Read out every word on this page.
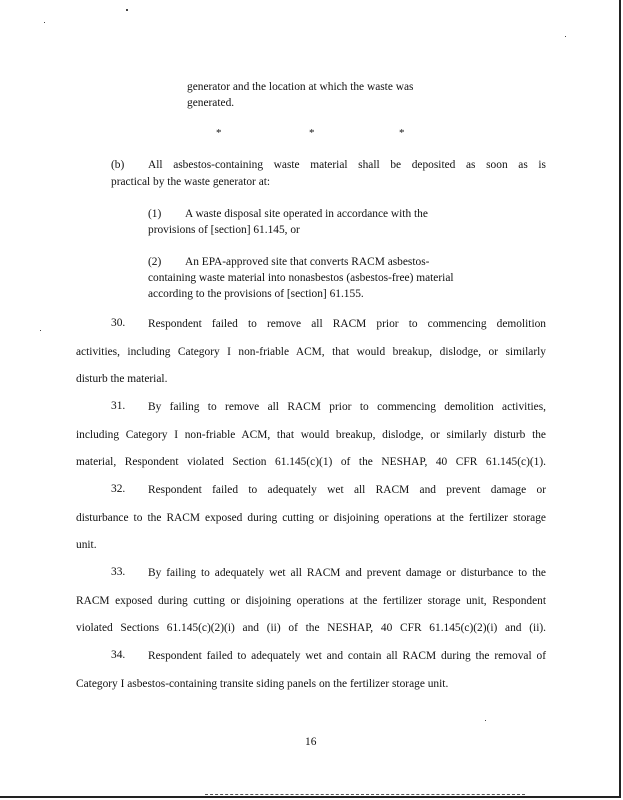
generator and the location at which the waste was
generated.
*	*	*
(b) All asbestos-containing waste material shall be deposited as soon as is
practical by the waste generator at:
(1) A waste disposal site operated in accordance with the
provisions of [section] 61.145, or
(2) An EPA-approved site that converts RACM asbestos-
containing waste material into nonasbestos (asbestos-free) material
according to the provisions of [section] 61.155.
30. Respondent failed to remove all RACM prior to commencing demolition
activities, including Category I non-friable ACM, that would breakup, dislodge, or similarly
disturb the material.
31. By failing to remove all RACM prior to commencing demolition activities,
including Category I non-friable ACM, that would breakup, dislodge, or similarly disturb the
material, Respondent violated Section 61.145(c)(1) of the NESHAP, 40 CFR 61.145(c)(1).
32. Respondent failed to adequately wet all RACM and prevent damage or
disturbance to the RACM exposed during cutting or disjoining operations at the fertilizer storage
unit.
33. By failing to adequately wet all RACM and prevent damage or disturbance to the
RACM exposed during cutting or disjoining operations at the fertilizer storage unit, Respondent
violated Sections 61.145(c)(2)(i) and (ii) of the NESHAP, 40 CFR 61.145(c)(2)(i) and (ii).
34. Respondent failed to adequately wet and contain all RACM during the removal of
Category I asbestos-containing transite siding panels on the fertilizer storage unit.
16
